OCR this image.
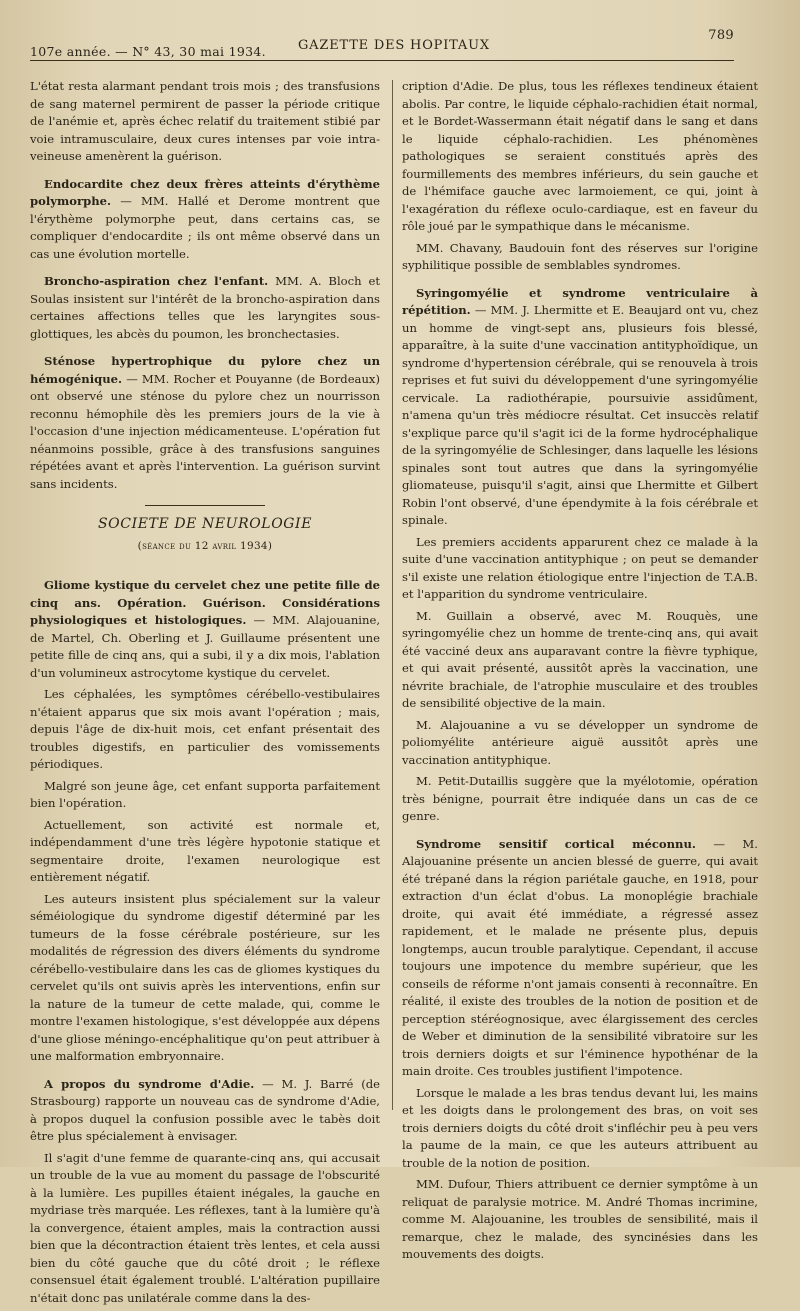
107e année. — N° 43, 30 mai 1934. GAZETTE DES HOPITAUX
789

L'état resta alarmant pendant trois mois ; des transfusions de sang maternel permirent de passer la période critique de l'anémie et, après échec relatif du traitement stibié par voie intramusculaire, deux cures intenses par voie intra-veineuse amenèrent la guérison.

Endocardite chez deux frères atteints d'érythème polymorphe. — MM. Hallé et Derome montrent que l'érythème polymorphe peut, dans certains cas, se compliquer d'endocardite ; ils ont même observé dans un cas une évolution mortelle.

Broncho-aspiration chez l'enfant. MM. A. Bloch et Soulas insistent sur l'intérêt de la broncho-aspiration dans certaines affections telles que les laryngites sous-glottiques, les abcès du poumon, les bronchectasies.

Sténose hypertrophique du pylore chez un hémogénique. — MM. Rocher et Pouyanne (de Bordeaux) ont observé une sténose du pylore chez un nourrisson reconnu hémophile dès les premiers jours de la vie à l'occasion d'une injection médicamenteuse. L'opération fut néanmoins possible, grâce à des transfusions sanguines répétées avant et après l'intervention. La guérison survint sans incidents.

SOCIETE DE NEUROLOGIE
(séance du 12 avril 1934)

Gliome kystique du cervelet chez une petite fille de cinq ans. Opération. Guérison. Considérations physiologiques et histologiques. — MM. Alajouanine, de Martel, Ch. Oberling et J. Guillaume présentent une petite fille de cinq ans, qui a subi, il y a dix mois, l'ablation d'un volumineux astrocytome kystique du cervelet.

Les céphalées, les symptômes cérébello-vestibulaires n'étaient apparus que six mois avant l'opération ; mais, depuis l'âge de dix-huit mois, cet enfant présentait des troubles digestifs, en particulier des vomissements périodiques.

Malgré son jeune âge, cet enfant supporta parfaitement bien l'opération.

Actuellement, son activité est normale et, indépendamment d'une très légère hypotonie statique et segmentaire droite, l'examen neurologique est entièrement négatif.

Les auteurs insistent plus spécialement sur la valeur séméiologique du syndrome digestif déterminé par les tumeurs de la fosse cérébrale postérieure, sur les modalités de régression des divers éléments du syndrome cérébello-vestibulaire dans les cas de gliomes kystiques du cervelet qu'ils ont suivis après les interventions, enfin sur la nature de la tumeur de cette malade, qui, comme le montre l'examen histologique, s'est développée aux dépens d'une gliose méningo-encéphalitique qu'on peut attribuer à une malformation embryonnaire.

A propos du syndrome d'Adie. — M. J. Barré (de Strasbourg) rapporte un nouveau cas de syndrome d'Adie, à propos duquel la confusion possible avec le tabès doit être plus spécialement à envisager.

Il s'agit d'une femme de quarante-cinq ans, qui accusait un trouble de la vue au moment du passage de l'obscurité à la lumière. Les pupilles étaient inégales, la gauche en mydriase très marquée. Les réflexes, tant à la lumière qu'à la convergence, étaient amples, mais la contraction aussi bien que la décontraction étaient très lentes, et cela aussi bien du côté gauche que du côté droit ; le réflexe consensuel était également troublé. L'altération pupillaire n'était donc pas unilatérale comme dans la des-

cription d'Adie. De plus, tous les réflexes tendineux étaient abolis. Par contre, le liquide céphalo-rachidien était normal, et le Bordet-Wassermann était négatif dans le sang et dans le liquide céphalo-rachidien. Les phénomènes pathologiques se seraient constitués après des fourmillements des membres inférieurs, du sein gauche et de l'hémiface gauche avec larmoiement, ce qui, joint à l'exagération du réflexe oculo-cardiaque, est en faveur du rôle joué par le sympathique dans le mécanisme.

MM. Chavany, Baudouin font des réserves sur l'origine syphilitique possible de semblables syndromes.

Syringomyélie et syndrome ventriculaire à répétition. — MM. J. Lhermitte et E. Beaujard ont vu, chez un homme de vingt-sept ans, plusieurs fois blessé, apparaître, à la suite d'une vaccination antityphoïdique, un syndrome d'hypertension cérébrale, qui se renouvela à trois reprises et fut suivi du développement d'une syringomyélie cervicale. La radiothérapie, poursuivie assidûment, n'amena qu'un très médiocre résultat. Cet insuccès relatif s'explique parce qu'il s'agit ici de la forme hydrocéphalique de la syringomyélie de Schlesinger, dans laquelle les lésions spinales sont tout autres que dans la syringomyélie gliomateuse, puisqu'il s'agit, ainsi que Lhermitte et Gilbert Robin l'ont observé, d'une épendymite à la fois cérébrale et spinale.

Les premiers accidents apparurent chez ce malade à la suite d'une vaccination antityphique ; on peut se demander s'il existe une relation étiologique entre l'injection de T.A.B. et l'apparition du syndrome ventriculaire.

M. Guillain a observé, avec M. Rouquès, une syringomyélie chez un homme de trente-cinq ans, qui avait été vacciné deux ans auparavant contre la fièvre typhique, et qui avait présenté, aussitôt après la vaccination, une névrite brachiale, de l'atrophie musculaire et des troubles de sensibilité objective de la main.

M. Alajouanine a vu se développer un syndrome de poliomyélite antérieure aiguë aussitôt après une vaccination antityphique.

M. Petit-Dutaillis suggère que la myélotomie, opération très bénigne, pourrait être indiquée dans un cas de ce genre.

Syndrome sensitif cortical méconnu. — M. Alajouanine présente un ancien blessé de guerre, qui avait été trépané dans la région pariétale gauche, en 1918, pour extraction d'un éclat d'obus. La monoplégie brachiale droite, qui avait été immédiate, a régressé assez rapidement, et le malade ne présente plus, depuis longtemps, aucun trouble paralytique. Cependant, il accuse toujours une impotence du membre supérieur, que les conseils de réforme n'ont jamais consenti à reconnaître. En réalité, il existe des troubles de la notion de position et de perception stéréognosique, avec élargissement des cercles de Weber et diminution de la sensibilité vibratoire sur les trois derniers doigts et sur l'éminence hypothénar de la main droite. Ces troubles justifient l'impotence.

Lorsque le malade a les bras tendus devant lui, les mains et les doigts dans le prolongement des bras, on voit ses trois derniers doigts du côté droit s'infléchir peu à peu vers la paume de la main, ce que les auteurs attribuent au trouble de la notion de position.

MM. Dufour, Thiers attribuent ce dernier symptôme à un reliquat de paralysie motrice. M. André Thomas incrimine, comme M. Alajouanine, les troubles de sensibilité, mais il remarque, chez le malade, des syncinésies dans les mouvements des doigts.
